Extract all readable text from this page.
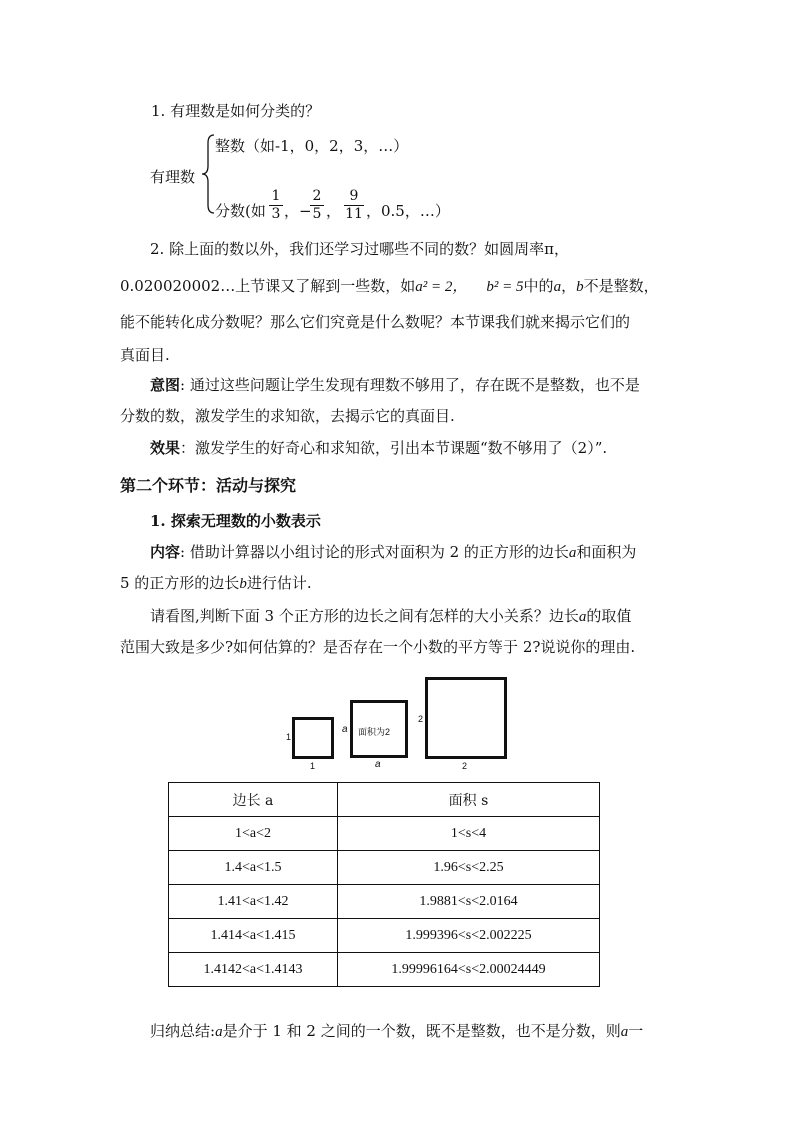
1. 有理数是如何分类的？
有理数
整数（如-1，0，2，3，…）
分数(如
1
3 ，−
2
5 ，
9
11 ，0.5，…）
2. 除上面的数以外，我们还学习过哪些不同的数？如圆周率π，
0.020020002…上节课又了解到一些数，如a² = 2， b² = 5中的a，b不是整数，
能不能转化成分数呢？那么它们究竟是什么数呢？本节课我们就来揭示它们的
真面目.
意图: 通过这些问题让学生发现有理数不够用了，存在既不是整数，也不是
分数的数，激发学生的求知欲，去揭示它的真面目.
效果：激发学生的好奇心和求知欲，引出本节课题“数不够用了（2）”.
第二个环节：活动与探究
1. 探索无理数的小数表示
内容: 借助计算器以小组讨论的形式对面积为 2 的正方形的边长a和面积为
5 的正方形的边长b进行估计.
请看图,判断下面 3 个正方形的边长之间有怎样的大小关系？边长a的取值
范围大致是多少?如何估算的？是否存在一个小数的平方等于 2?说说你的理由.
1
1
a 面积为2
a
2
2
边长 a	面积 s
1<a<2	1<s<4
1.4<a<1.5	1.96<s<2.25
1.41<a<1.42	1.9881<s<2.0164
1.414<a<1.415	1.999396<s<2.002225
1.4142<a<1.4143	1.99996164<s<2.00024449
归纳总结:a是介于 1 和 2 之间的一个数，既不是整数，也不是分数，则a一
